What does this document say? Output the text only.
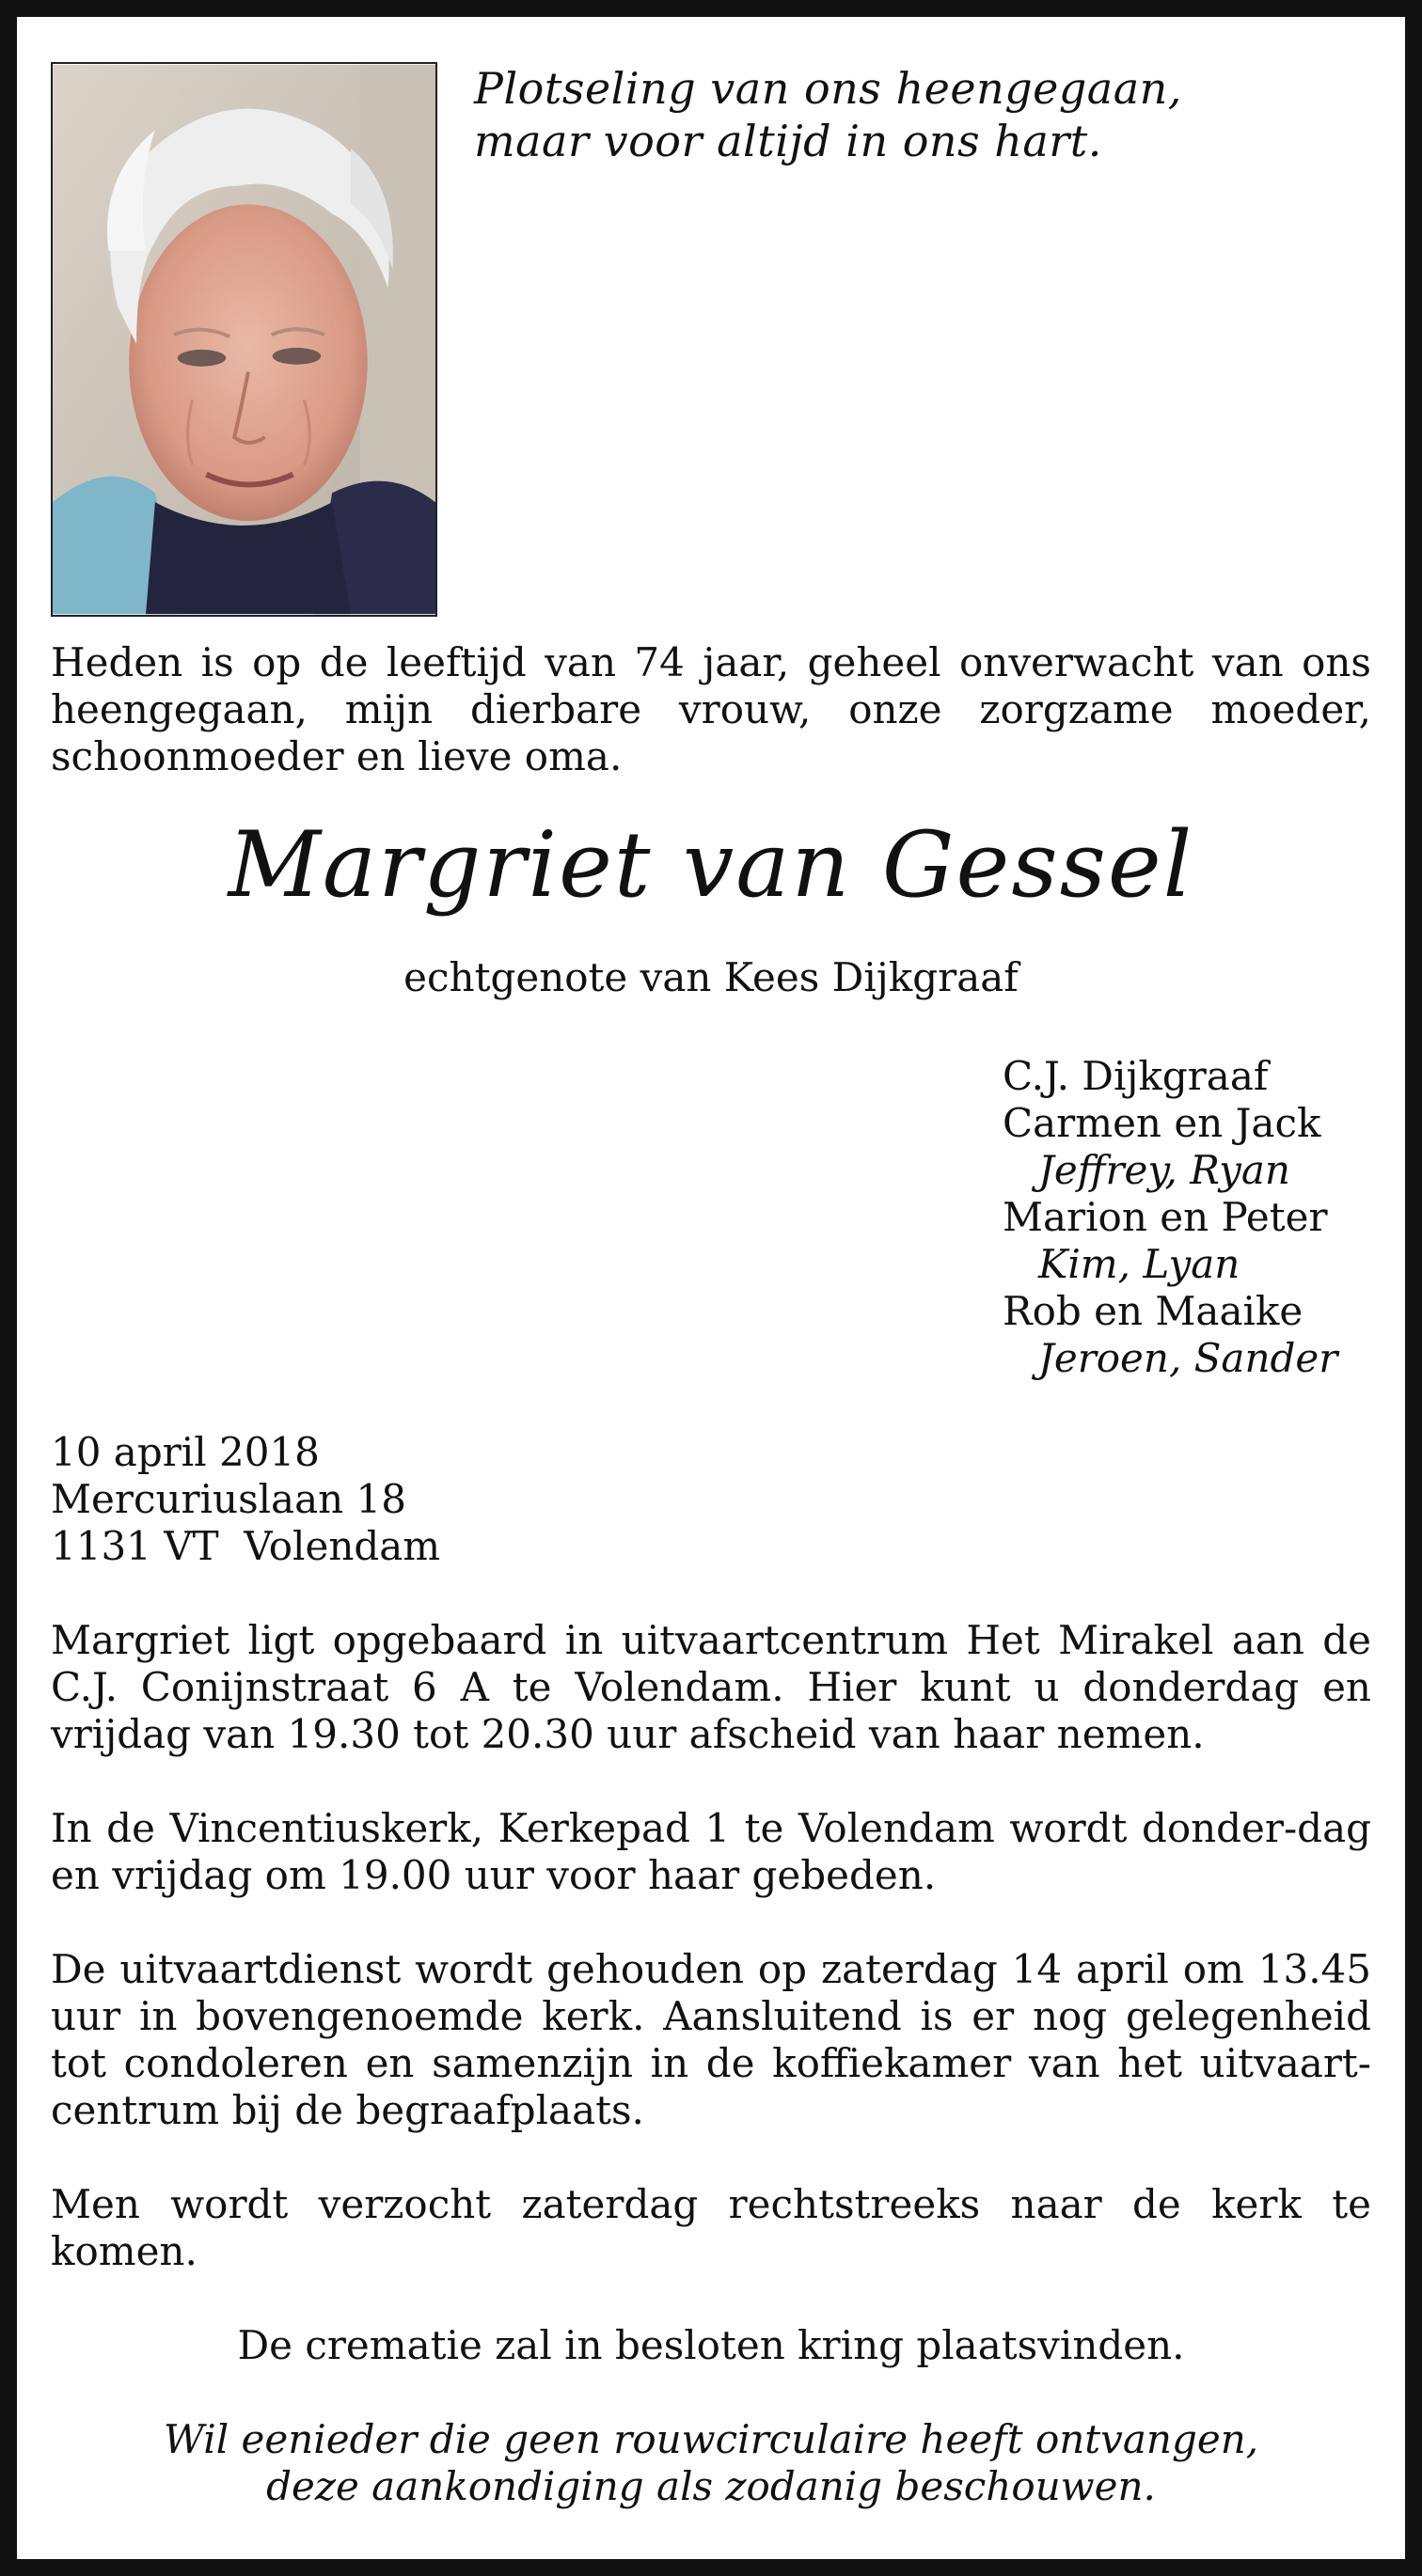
Plotseling van ons heengegaan,
maar voor altijd in ons hart.
Heden is op de leeftijd van 74 jaar, geheel onverwacht van ons heengegaan, mijn dierbare vrouw, onze zorgzame moeder, schoonmoeder en lieve oma.
Margriet van Gessel
echtgenote van Kees Dijkgraaf
C.J. Dijkgraaf
Carmen en Jack
Jeffrey, Ryan
Marion en Peter
Kim, Lyan
Rob en Maaike
Jeroen, Sander
10 april 2018
Mercuriuslaan 18
1131 VT  Volendam
Margriet ligt opgebaard in uitvaartcentrum Het Mirakel aan de C.J. Conijnstraat 6 A te Volendam. Hier kunt u donderdag en vrijdag van 19.30 tot 20.30 uur afscheid van haar nemen.
In de Vincentiuskerk, Kerkepad 1 te Volendam wordt donder-dag en vrijdag om 19.00 uur voor haar gebeden.
De uitvaartdienst wordt gehouden op zaterdag 14 april om 13.45 uur in bovengenoemde kerk. Aansluitend is er nog gelegenheid tot condoleren en samenzijn in de koffiekamer van het uitvaart-centrum bij de begraafplaats.
Men wordt verzocht zaterdag rechtstreeks naar de kerk te komen.
De crematie zal in besloten kring plaatsvinden.
Wil eenieder die geen rouwcirculaire heeft ontvangen,
deze aankondiging als zodanig beschouwen.
